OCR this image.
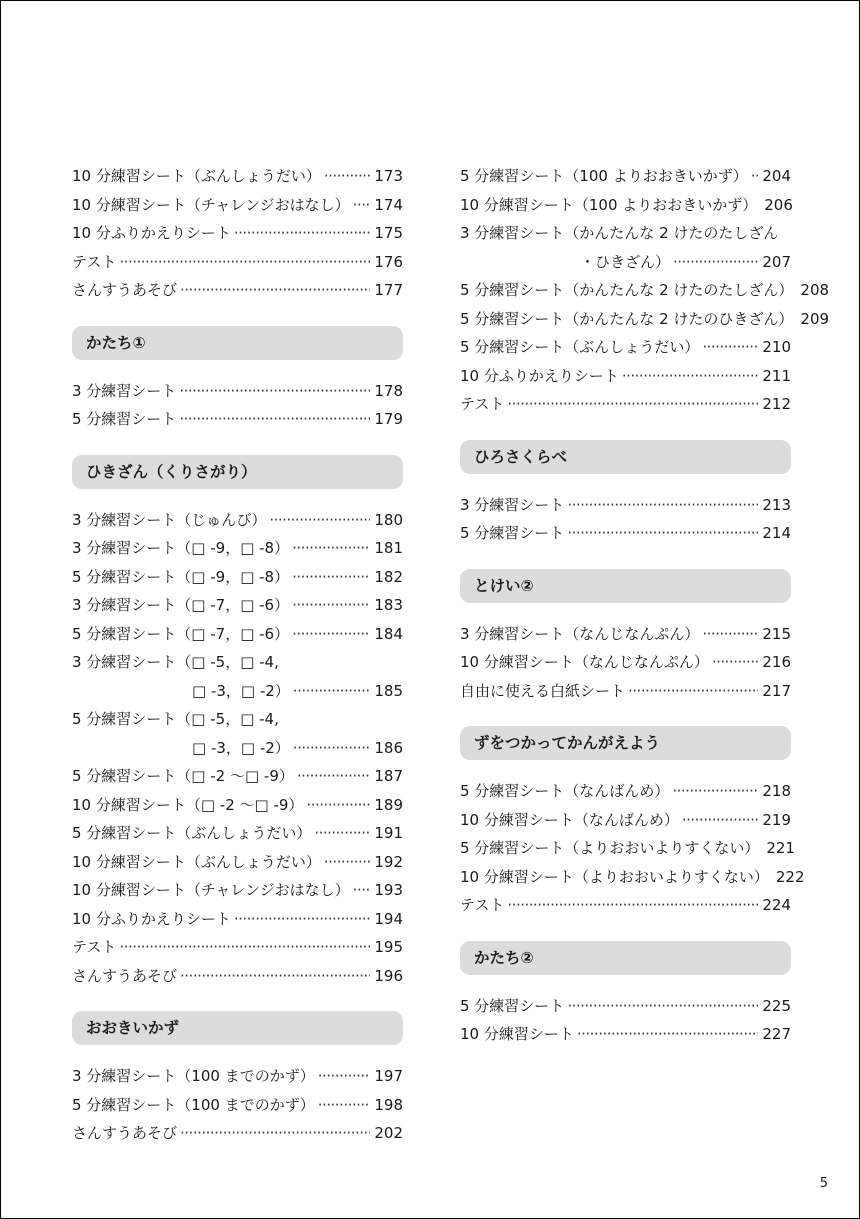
10 分練習シート（ぶんしょうだい） ·····	173
10 分練習シート（チャレンジおはなし） ····· 174
10 分ふりかえりシート ·····	175
テスト ·····	176
さんすうあそび ·····	177
かたち①
3 分練習シート ·····	178
5 分練習シート ·····	179
ひきざん（くりさがり）
3 分練習シート（じゅんび） ·····	180
3 分練習シート（□ -9，□ -8） ·····	181
5 分練習シート（□ -9，□ -8） ·····	182
3 分練習シート（□ -7，□ -6） ·····	183
5 分練習シート（□ -7，□ -6） ·····	184
3 分練習シート（□ -5，□ -4,
□ -3，□ -2） ·····	185
5 分練習シート（□ -5，□ -4,
□ -3，□ -2） ·····	186
5 分練習シート（□ -2 〜□ -9） ·····	187
10 分練習シート（□ -2 〜□ -9） ·····	189
5 分練習シート（ぶんしょうだい） ·····	191
10 分練習シート（ぶんしょうだい） ·····	192
10 分練習シート（チャレンジおはなし） ····· 193
10 分ふりかえりシート ·····	194
テスト ·····	195
さんすうあそび ·····	196
おおきいかず
3 分練習シート（100 までのかず） ·····	197
5 分練習シート（100 までのかず） ·····	198
さんすうあそび ·····	202
5 分練習シート（100 よりおおきいかず） ····· 204
10 分練習シート（100 よりおおきいかず） 206
3 分練習シート（かんたんな 2 けたのたしざん
・ひきざん） ·····	207
5 分練習シート（かんたんな 2 けたのたしざん） 208
5 分練習シート（かんたんな 2 けたのひきざん） 209
5 分練習シート（ぶんしょうだい） ·····	210
10 分ふりかえりシート ·····	211
テスト ·····	212
ひろさくらべ
3 分練習シート ·····	213
5 分練習シート ·····	214
とけい②
3 分練習シート（なんじなんぷん） ·····	215
10 分練習シート（なんじなんぷん） ·····	216
自由に使える白紙シート ·····	217
ずをつかってかんがえよう
5 分練習シート（なんばんめ） ·····	218
10 分練習シート（なんばんめ） ·····	219
5 分練習シート（よりおおいよりすくない） 221
10 分練習シート（よりおおいよりすくない） 222
テスト ·····	224
かたち②
5 分練習シート ·····	225
10 分練習シート ·····	227
5
